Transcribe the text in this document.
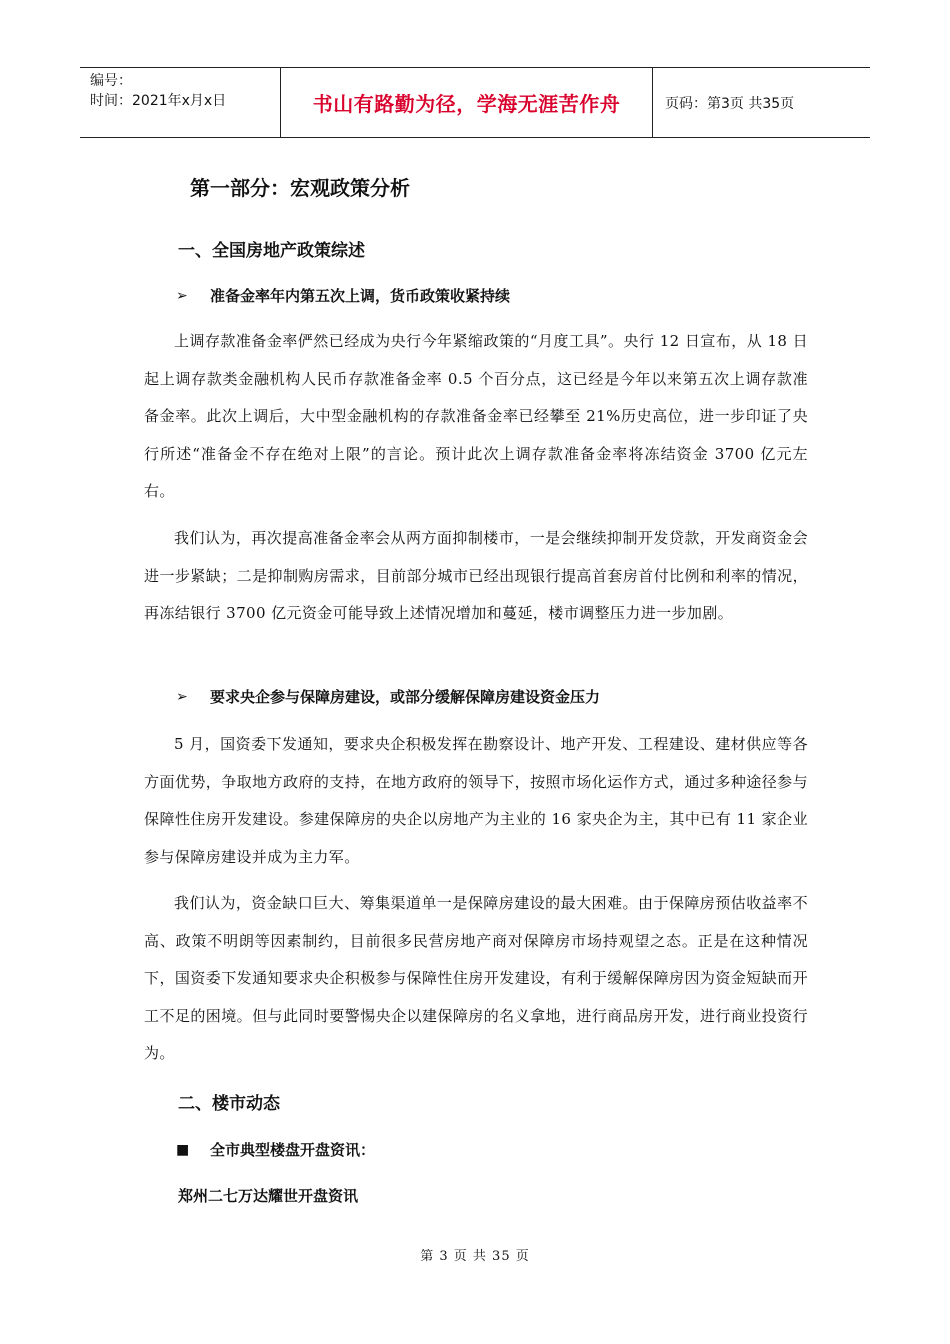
编号：
时间：2021年x月x日	书山有路勤为径，学海无涯苦作舟	页码：第3页 共35页
第一部分：宏观政策分析
一、全国房地产政策综述
➢	准备金率年内第五次上调，货币政策收紧持续
上调存款准备金率俨然已经成为央行今年紧缩政策的“月度工具”。央行 12 日宣布，从 18 日起上调存款类金融机构人民币存款准备金率 0.5 个百分点，这已经是今年以来第五次上调存款准备金率。此次上调后，大中型金融机构的存款准备金率已经攀至 21%历史高位，进一步印证了央行所述“准备金不存在绝对上限”的言论。预计此次上调存款准备金率将冻结资金 3700 亿元左右。
我们认为，再次提高准备金率会从两方面抑制楼市，一是会继续抑制开发贷款，开发商资金会进一步紧缺；二是抑制购房需求，目前部分城市已经出现银行提高首套房首付比例和利率的情况，再冻结银行 3700 亿元资金可能导致上述情况增加和蔓延，楼市调整压力进一步加剧。
➢	要求央企参与保障房建设，或部分缓解保障房建设资金压力
5 月，国资委下发通知，要求央企积极发挥在勘察设计、地产开发、工程建设、建材供应等各方面优势，争取地方政府的支持，在地方政府的领导下，按照市场化运作方式，通过多种途径参与保障性住房开发建设。参建保障房的央企以房地产为主业的 16 家央企为主，其中已有 11 家企业参与保障房建设并成为主力军。
我们认为，资金缺口巨大、筹集渠道单一是保障房建设的最大困难。由于保障房预估收益率不高、政策不明朗等因素制约，目前很多民营房地产商对保障房市场持观望之态。正是在这种情况下，国资委下发通知要求央企积极参与保障性住房开发建设，有利于缓解保障房因为资金短缺而开工不足的困境。但与此同时要警惕央企以建保障房的名义拿地，进行商品房开发，进行商业投资行为。
二、楼市动态
■	全市典型楼盘开盘资讯：
郑州二七万达耀世开盘资讯
第 3 页 共 35 页
